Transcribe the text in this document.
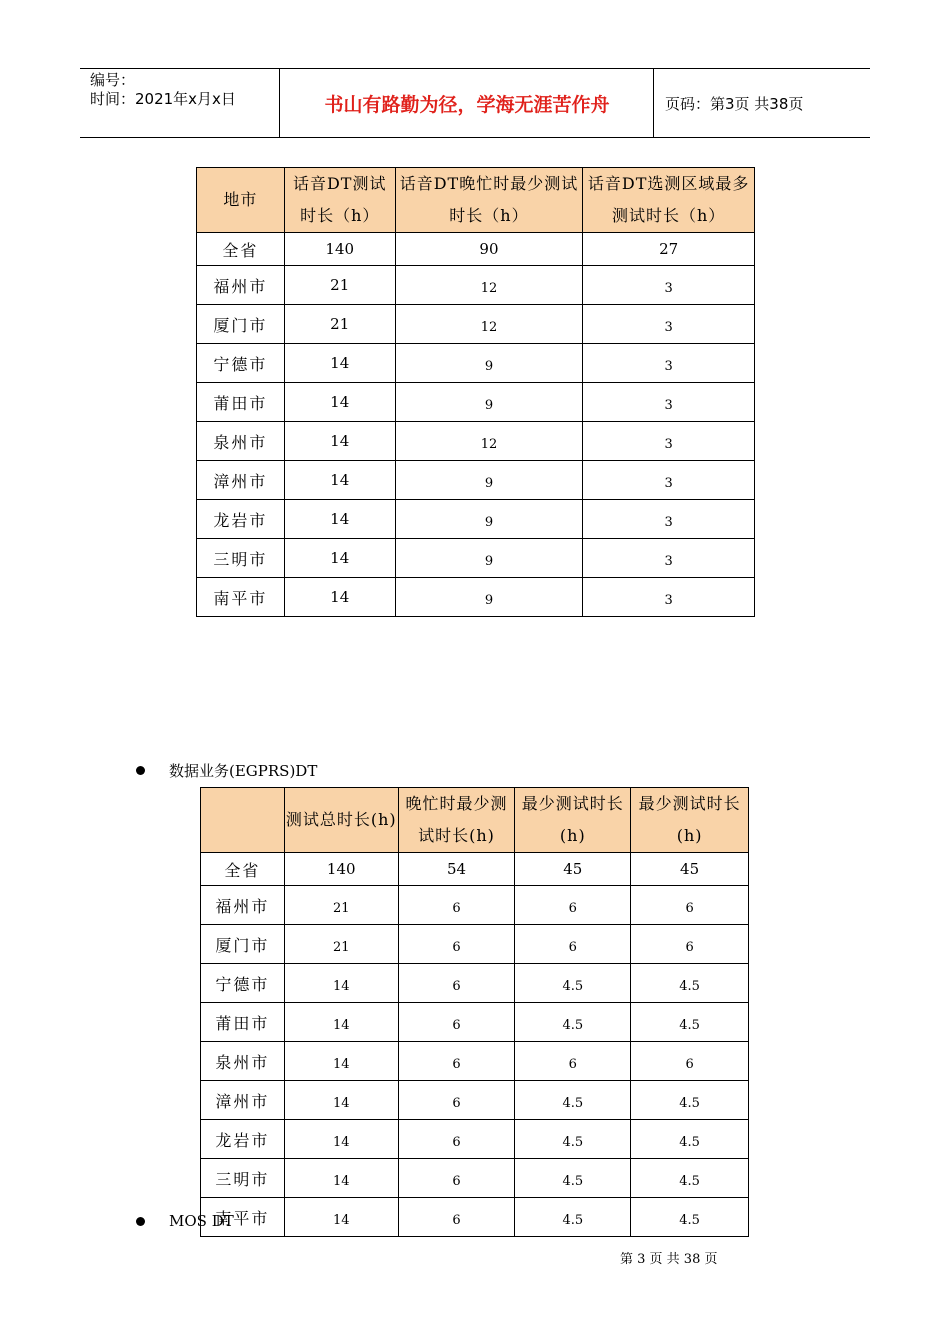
编号：
时间：2021年x月x日	书山有路勤为径，学海无涯苦作舟	页码：第3页 共38页
地市	话音DT测试时长（h）	话音DT晚忙时最少测试时长（h）	话音DT选测区域最多测试时长（h）
全省	140	90	27
福州市	21	12	3
厦门市	21	12	3
宁德市	14	9	3
莆田市	14	9	3
泉州市	14	12	3
漳州市	14	9	3
龙岩市	14	9	3
三明市	14	9	3
南平市	14	9	3
数据业务(EGPRS)DT
	测试总时长(h)	晚忙时最少测试时长(h)	最少测试时长(h)	最少测试时长(h)
全省	140	54	45	45
福州市	21	6	6	6
厦门市	21	6	6	6
宁德市	14	6	4.5	4.5
莆田市	14	6	4.5	4.5
泉州市	14	6	6	6
漳州市	14	6	4.5	4.5
龙岩市	14	6	4.5	4.5
三明市	14	6	4.5	4.5
南平市	14	6	4.5	4.5
MOS DT
第 3 页 共 38 页
